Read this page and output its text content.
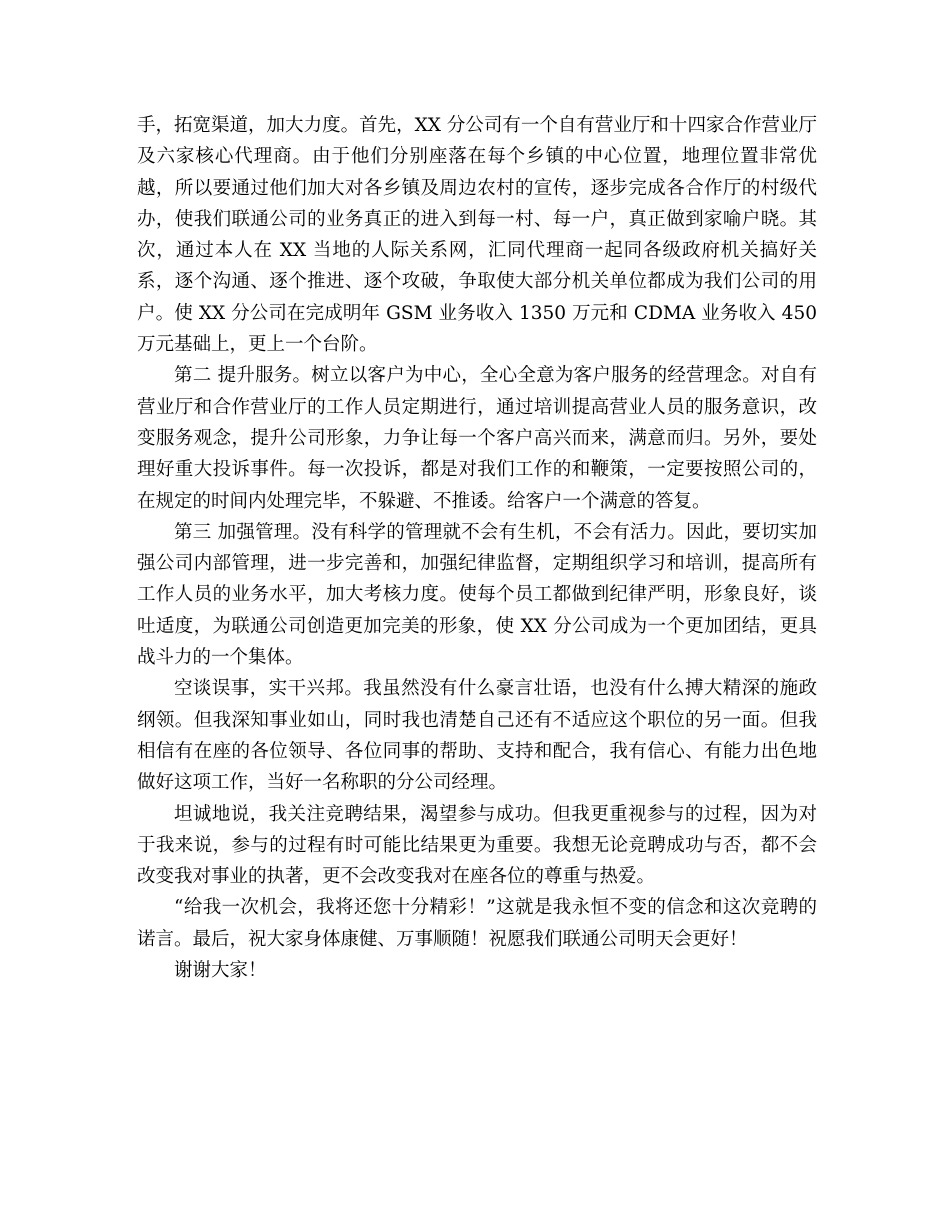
手，拓宽渠道，加大力度。首先，XX 分公司有一个自有营业厅和十四家合作营业厅及六家核心代理商。由于他们分别座落在每个乡镇的中心位置，地理位置非常优越，所以要通过他们加大对各乡镇及周边农村的宣传，逐步完成各合作厅的村级代办，使我们联通公司的业务真正的进入到每一村、每一户，真正做到家喻户晓。其次，通过本人在 XX 当地的人际关系网，汇同代理商一起同各级政府机关搞好关系，逐个沟通、逐个推进、逐个攻破，争取使大部分机关单位都成为我们公司的用户。使 XX 分公司在完成明年 GSM 业务收入 1350 万元和 CDMA 业务收入 450 万元基础上，更上一个台阶。

第二 提升服务。树立以客户为中心，全心全意为客户服务的经营理念。对自有营业厅和合作营业厅的工作人员定期进行，通过培训提高营业人员的服务意识，改变服务观念，提升公司形象，力争让每一个客户高兴而来，满意而归。另外，要处理好重大投诉事件。每一次投诉，都是对我们工作的和鞭策，一定要按照公司的，在规定的时间内处理完毕，不躲避、不推诿。给客户一个满意的答复。

第三 加强管理。没有科学的管理就不会有生机，不会有活力。因此，要切实加强公司内部管理，进一步完善和，加强纪律监督，定期组织学习和培训，提高所有工作人员的业务水平，加大考核力度。使每个员工都做到纪律严明，形象良好，谈吐适度，为联通公司创造更加完美的形象，使 XX 分公司成为一个更加团结，更具战斗力的一个集体。

空谈误事，实干兴邦。我虽然没有什么豪言壮语，也没有什么搏大精深的施政纲领。但我深知事业如山，同时我也清楚自己还有不适应这个职位的另一面。但我相信有在座的各位领导、各位同事的帮助、支持和配合，我有信心、有能力出色地做好这项工作，当好一名称职的分公司经理。

坦诚地说，我关注竞聘结果，渴望参与成功。但我更重视参与的过程，因为对于我来说，参与的过程有时可能比结果更为重要。我想无论竞聘成功与否，都不会改变我对事业的执著，更不会改变我对在座各位的尊重与热爱。

“给我一次机会，我将还您十分精彩！”这就是我永恒不变的信念和这次竞聘的诺言。最后，祝大家身体康健、万事顺随！祝愿我们联通公司明天会更好！

谢谢大家！
